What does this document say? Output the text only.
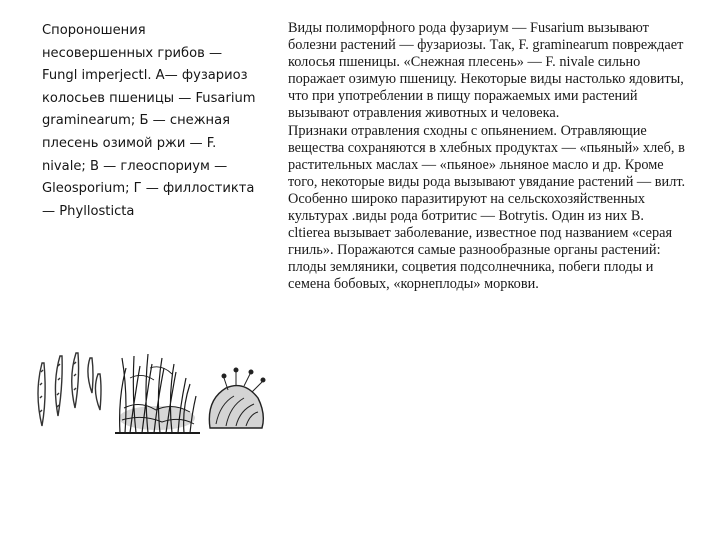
Спороношения несовершенных грибов — Fungl imperjectl. А— фузариоз колосьев пшеницы — Fusarium graminearum; Б — снежная плесень озимой ржи — F. nivale; В — глеоспориум — Gleosporium; Г — филлостикта — Phyllosticta

Виды полиморфного рода фузариум — Fusarium вызывают болезни растений — фузариозы. Так, F. graminearum повреждает колосья пшеницы. «Снежная плесень» — F. nivale сильно поражает озимую пшеницу. Некоторые виды настолько ядовиты, что при употреблении в пищу поражаемых ими растений вызывают отравления животных и человека.

Признаки отравления сходны с опьянением. Отравляющие вещества сохраняются в хлебных продуктах — «пьяный» хлеб, в растительных маслах — «пьяное» льняное масло и др. Кроме того, некоторые виды рода вызывают увядание растений — вилт. Особенно широко паразитируют на сельскохозяйственных культурах .виды рода ботритис — Botrytis. Один из них В. cltierea вызывает заболевание, известное под названием «серая гниль». Поражаются самые разнообразные органы растений: плоды земляники, соцветия подсолнечника, побеги плоды и семена бобовых, «корнеплоды» моркови.
